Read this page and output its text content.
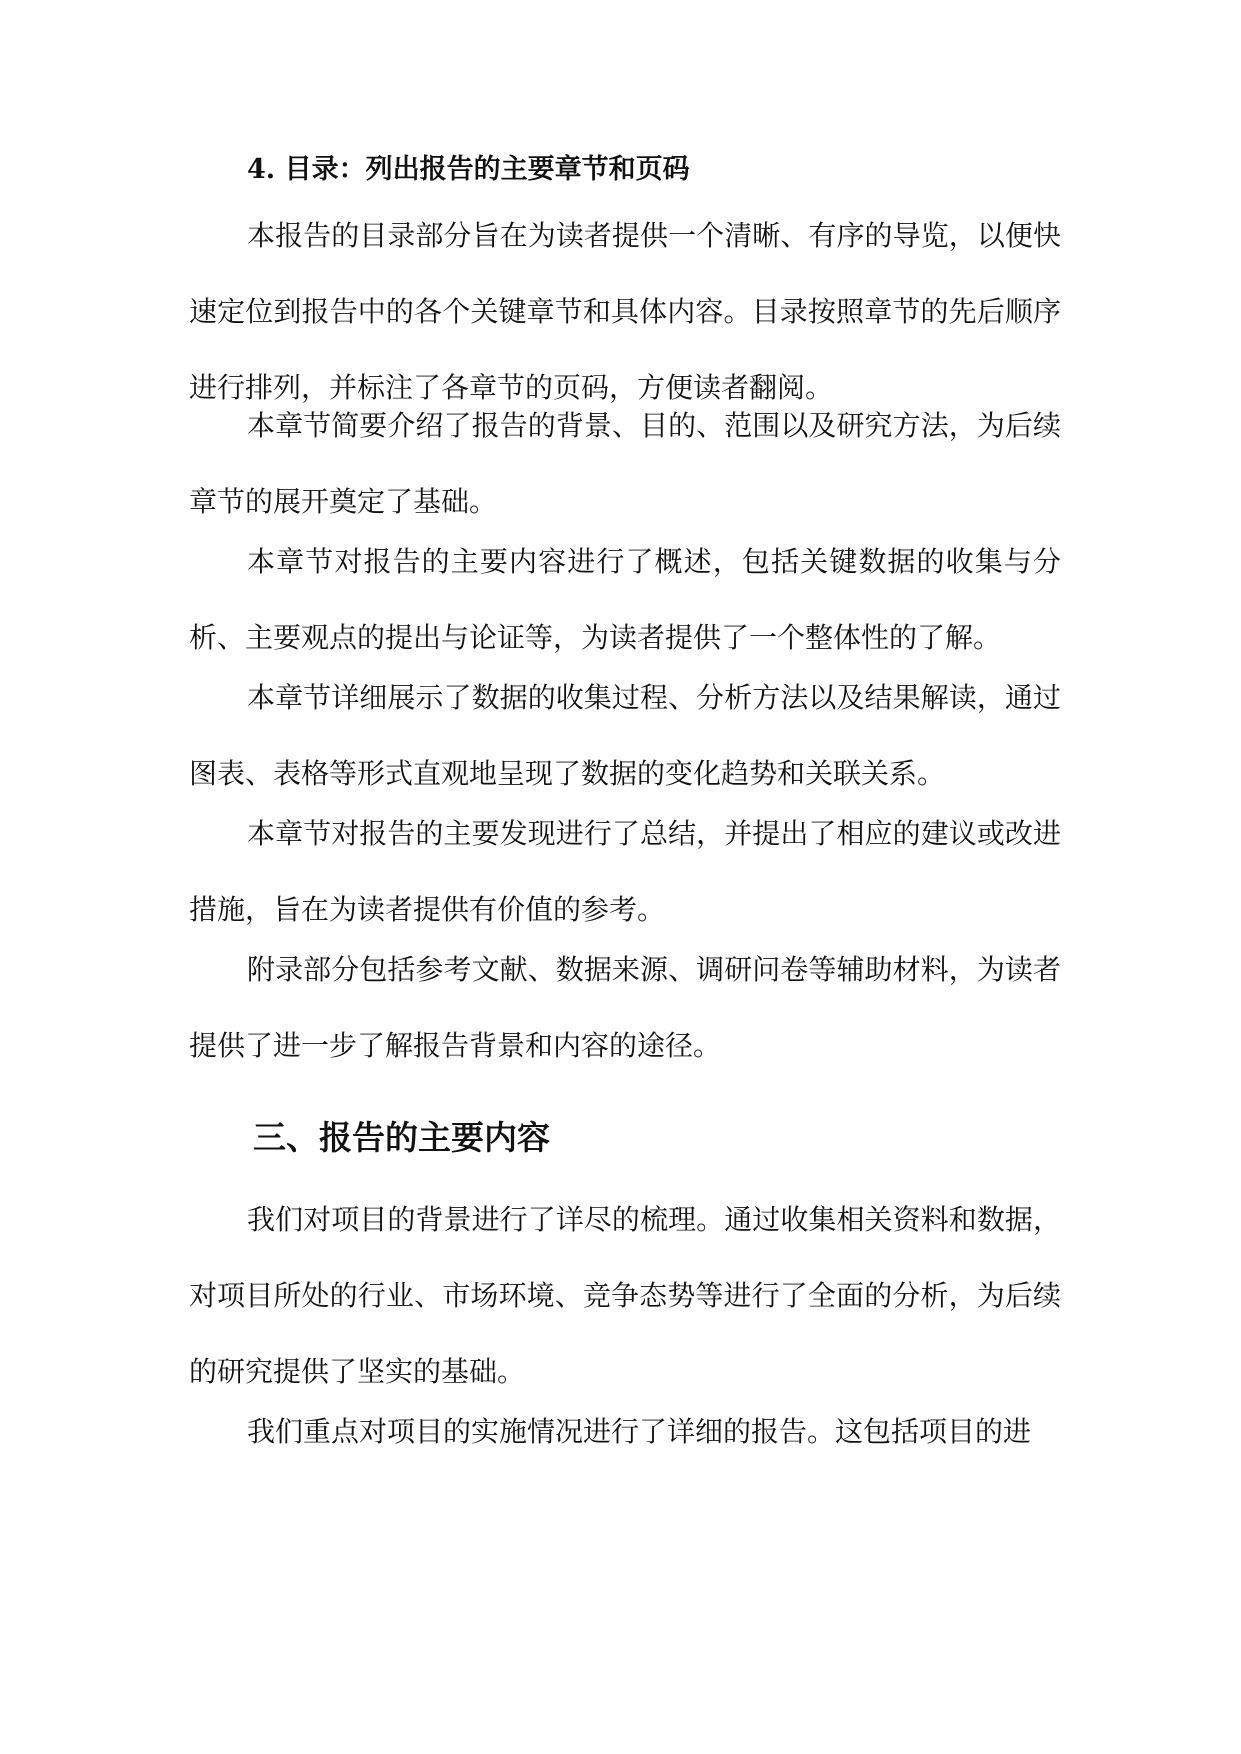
4. 目录：列出报告的主要章节和页码

本报告的目录部分旨在为读者提供一个清晰、有序的导览，以便快速定位到报告中的各个关键章节和具体内容。目录按照章节的先后顺序进行排列，并标注了各章节的页码，方便读者翻阅。

本章节简要介绍了报告的背景、目的、范围以及研究方法，为后续章节的展开奠定了基础。

本章节对报告的主要内容进行了概述，包括关键数据的收集与分析、主要观点的提出与论证等，为读者提供了一个整体性的了解。

本章节详细展示了数据的收集过程、分析方法以及结果解读，通过图表、表格等形式直观地呈现了数据的变化趋势和关联关系。

本章节对报告的主要发现进行了总结，并提出了相应的建议或改进措施，旨在为读者提供有价值的参考。

附录部分包括参考文献、数据来源、调研问卷等辅助材料，为读者提供了进一步了解报告背景和内容的途径。

三、报告的主要内容

我们对项目的背景进行了详尽的梳理。通过收集相关资料和数据，对项目所处的行业、市场环境、竞争态势等进行了全面的分析，为后续的研究提供了坚实的基础。

我们重点对项目的实施情况进行了详细的报告。这包括项目的进
